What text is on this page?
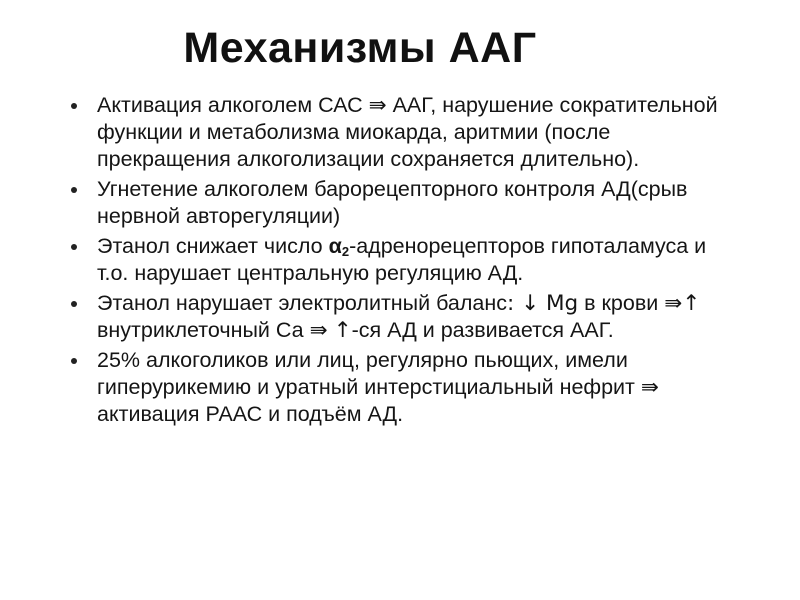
Механизмы ААГ
Активация алкоголем САС ⇛ ААГ, нарушение сократительной функции и метаболизма миокарда, аритмии (после прекращения алкоголизации сохраняется длительно).
Угнетение алкоголем барорецепторного контроля АД(срыв нервной авторегуляции)
Этанол снижает число $\alpha_2$-адренорецепторов гипоталамуса и т.о. нарушает центральную регуляцию АД.
Этанол нарушает электролитный баланс: ↓ Mg в крови ⇛↑ внутриклеточный Са ⇛ ↑-ся АД и развивается ААГ.
25% алкоголиков или лиц, регулярно пьющих, имели гиперурикемию и уратный интерстициальный нефрит ⇛ активация РААС и подъём АД.
